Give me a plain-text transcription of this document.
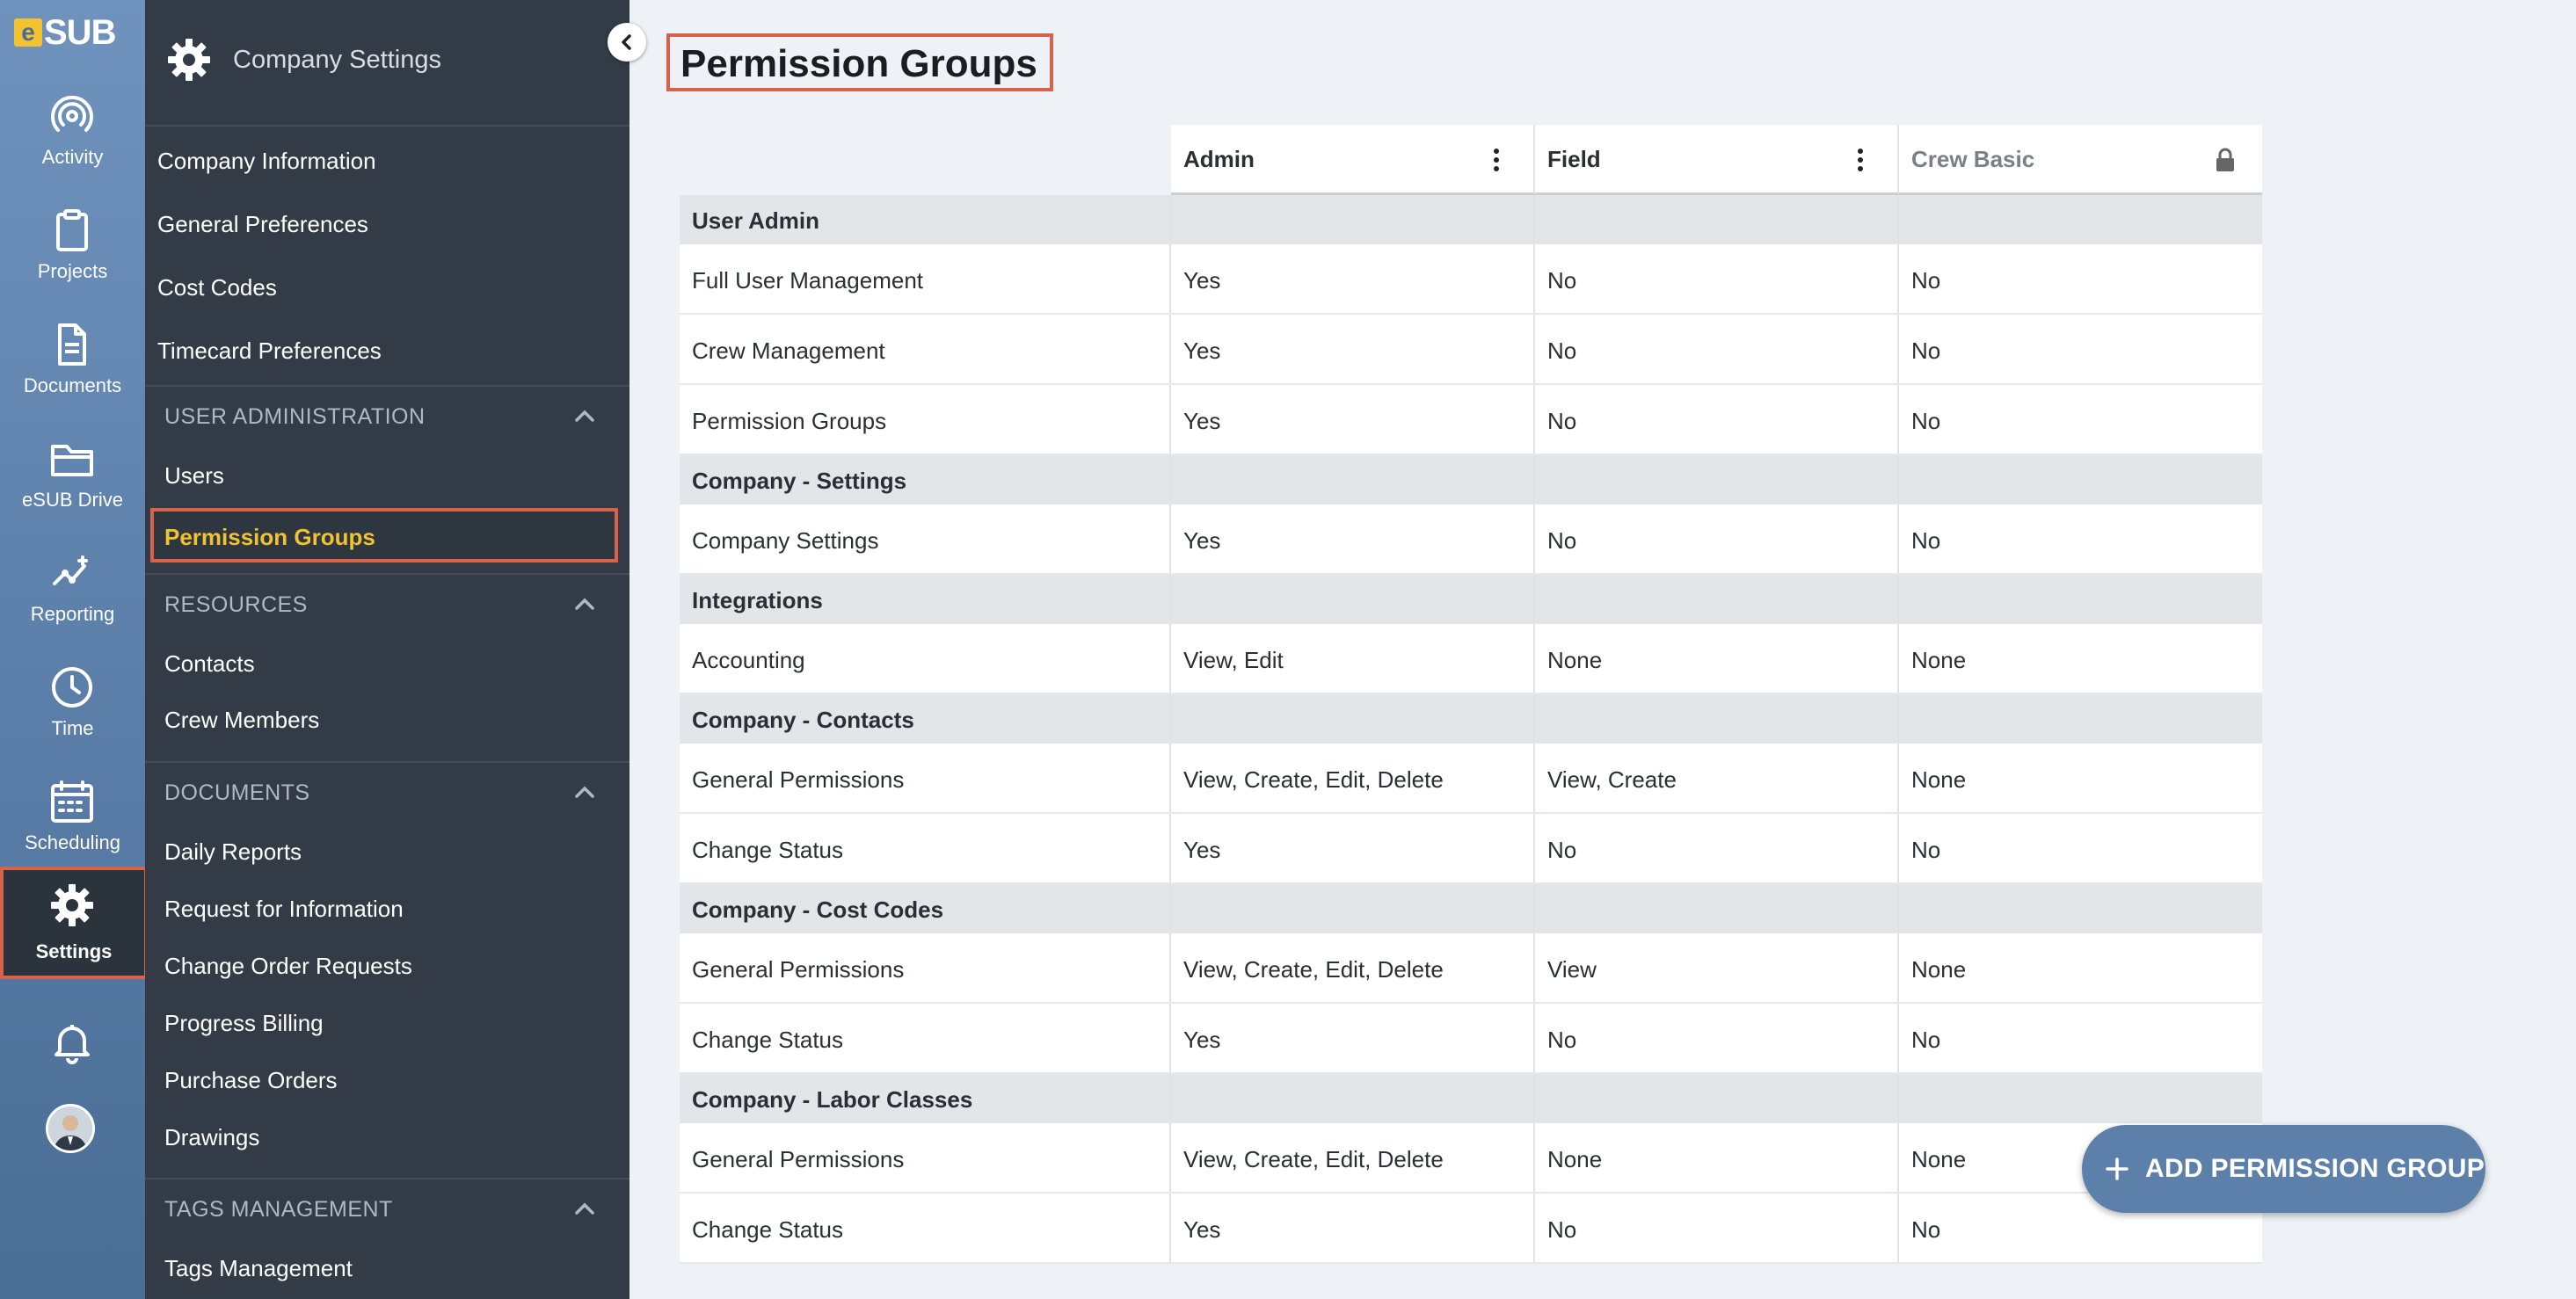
e SUB
Activity
Projects
Documents
eSUB Drive
Reporting
Time
Scheduling
Settings
Company Settings
Company Information
General Preferences
Cost Codes
Timecard Preferences
USER ADMINISTRATION
Users
Permission Groups
RESOURCES
Contacts
Crew Members
DOCUMENTS
Daily Reports
Request for Information
Change Order Requests
Progress Billing
Purchase Orders
Drawings
TAGS MANAGEMENT
Tags Management
Permission Groups
Admin	Field	Crew Basic
User Admin
Full User Management	Yes	No	No
Crew Management	Yes	No	No
Permission Groups	Yes	No	No
Company - Settings
Company Settings	Yes	No	No
Integrations
Accounting	View, Edit	None	None
Company - Contacts
General Permissions	View, Create, Edit, Delete	View, Create	None
Change Status	Yes	No	No
Company - Cost Codes
General Permissions	View, Create, Edit, Delete	View	None
Change Status	Yes	No	No
Company - Labor Classes
General Permissions	View, Create, Edit, Delete	None	None
Change Status	Yes	No	No
ADD PERMISSION GROUP
